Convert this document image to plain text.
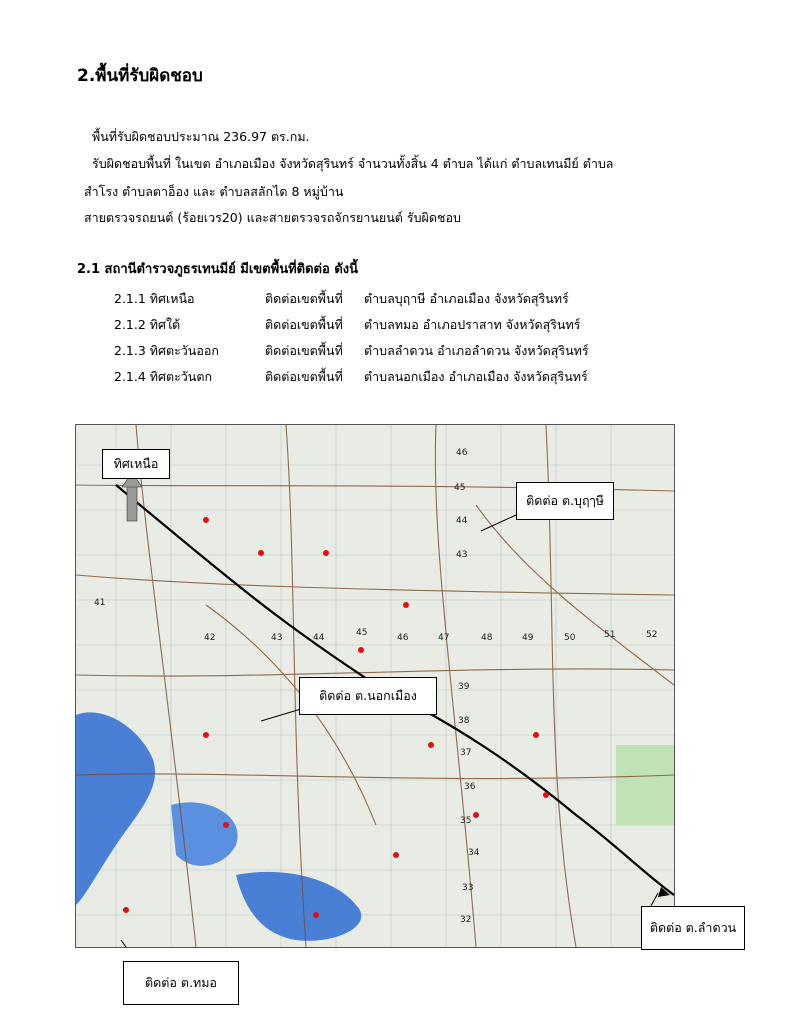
2.พื้นที่รับผิดชอบ
พื้นที่รับผิดชอบประมาณ 236.97 ตร.กม.
รับผิดชอบพื้นที่ ในเขต อำเภอเมือง จังหวัดสุรินทร์ จำนวนทั้งสิ้น 4 ตำบล ได้แก่ ตำบลเทนมีย์ ตำบล
สำโรง ตำบลตาอ็อง และ ตำบลสลักได 8 หมู่บ้าน
สายตรวจรถยนต์ (ร้อยเวร20) และสายตรวจรถจักรยานยนต์ รับผิดชอบ
2.1 สถานีตำรวจภูธรเทนมีย์ มีเขตพื้นที่ติดต่อ ดังนี้
2.1.1 ทิศเหนือ	ติดต่อเขตพื้นที่ ตำบลบุฤาษี อำเภอเมือง จังหวัดสุรินทร์
2.1.2 ทิศใต้	ติดต่อเขตพื้นที่ ตำบลทมอ อำเภอปราสาท จังหวัดสุรินทร์
2.1.3 ทิศตะวันออก	ติดต่อเขตพื้นที่ ตำบลลำดวน อำเภอลำดวน จังหวัดสุรินทร์
2.1.4 ทิศตะวันตก	ติดต่อเขตพื้นที่ ตำบลนอกเมือง อำเภอเมือง จังหวัดสุรินทร์
41
42	43	44	45	46	47	48	49	50	51	52
46
45
44
43
39
38
37
36
35
34
33
32
ทิศเหนือ
ติดต่อ ต.บุฤๅษี
ติดต่อ ต.นอกเมือง
ติดต่อ ต.ลำดวน
ติดต่อ ต.ทมอ
